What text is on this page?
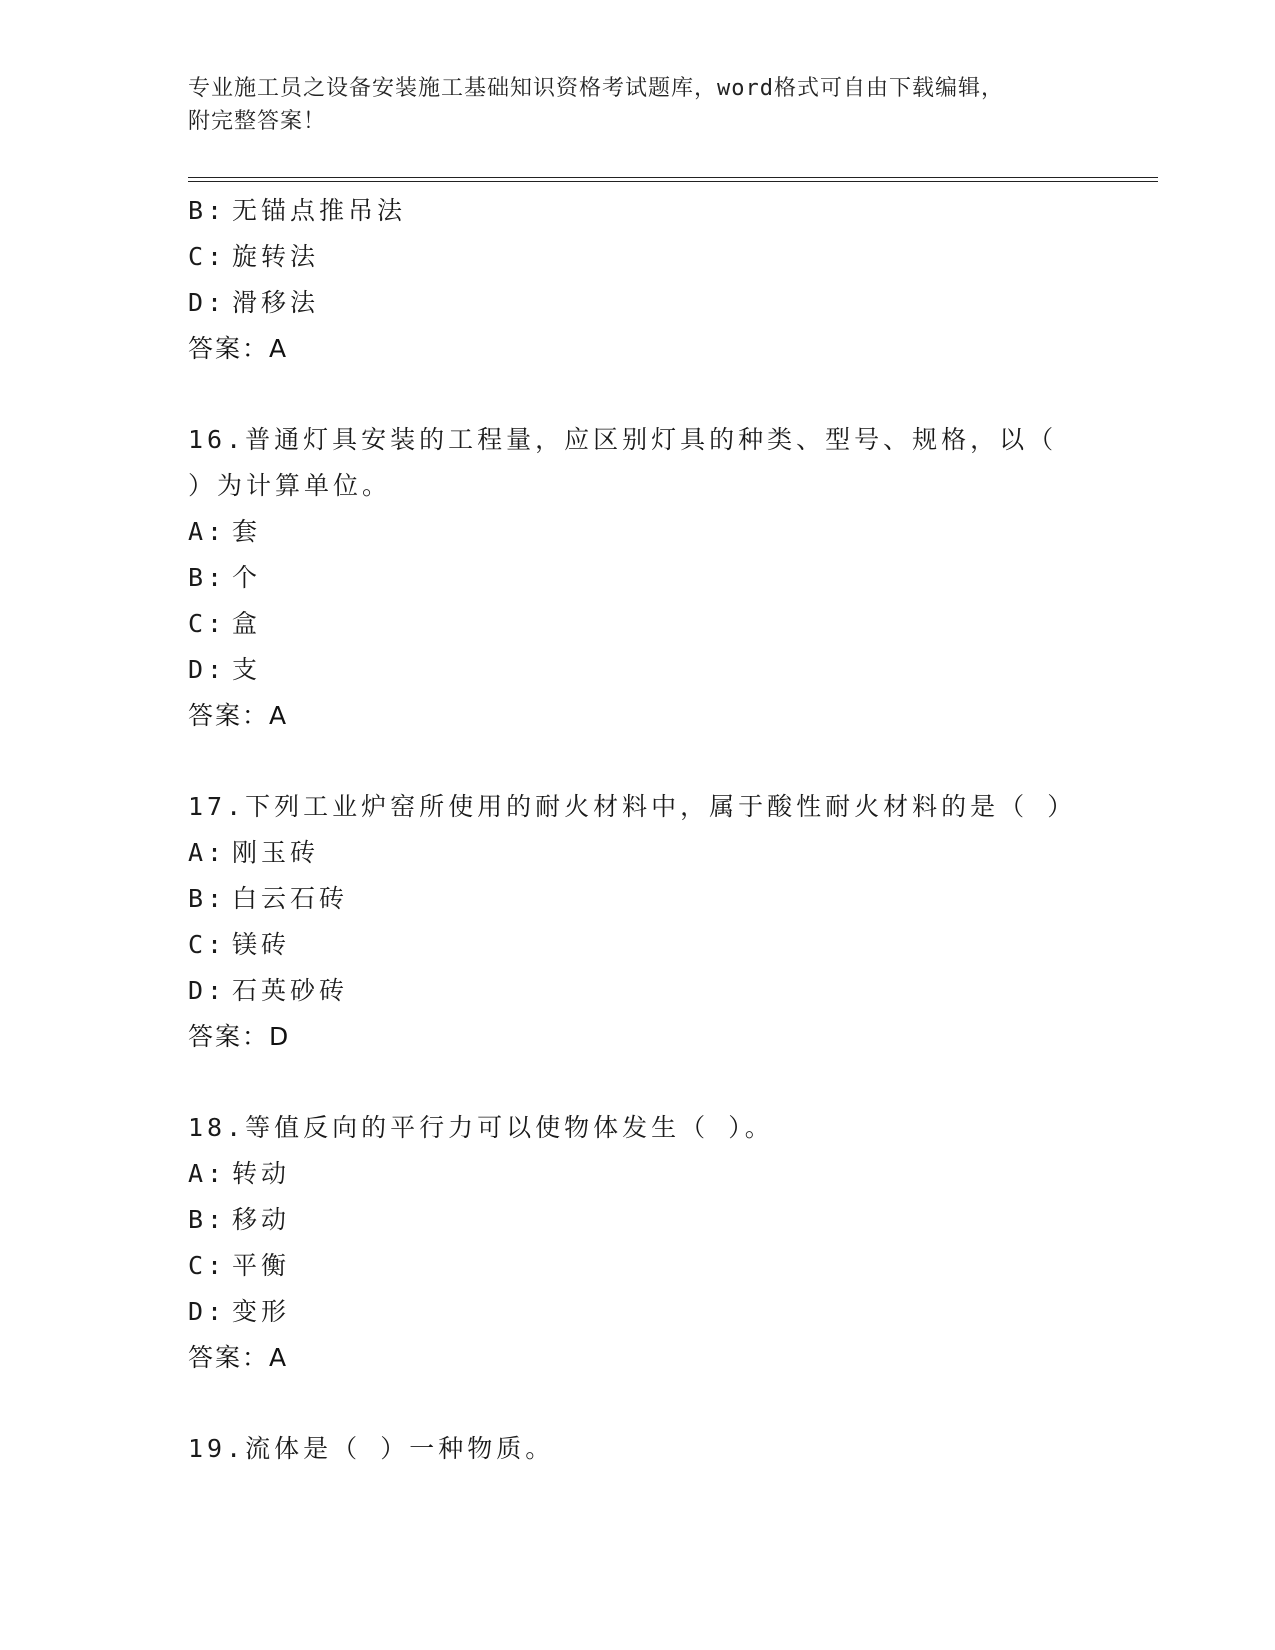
专业施工员之设备安装施工基础知识资格考试题库，word格式可自由下载编辑，
附完整答案！
B: 无锚点推吊法
C: 旋转法
D: 滑移法
答案：A
16.普通灯具安装的工程量，应区别灯具的种类、型号、规格，以（
）为计算单位。
A: 套
B: 个
C: 盒
D: 支
答案：A
17.下列工业炉窑所使用的耐火材料中，属于酸性耐火材料的是（ ）
A: 刚玉砖
B: 白云石砖
C: 镁砖
D: 石英砂砖
答案：D
18.等值反向的平行力可以使物体发生（ ）。
A: 转动
B: 移动
C: 平衡
D: 变形
答案：A
19.流体是（ ）一种物质。
